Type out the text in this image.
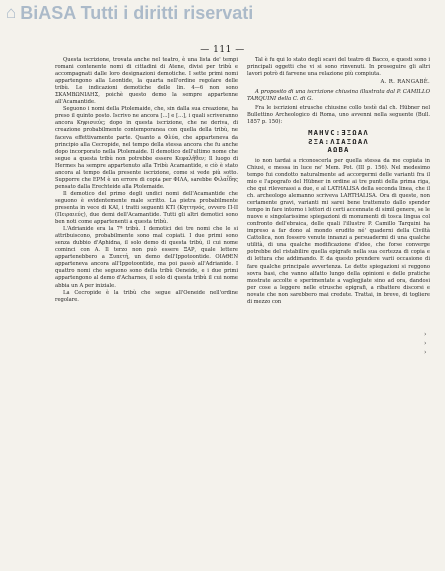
⌂ BiASA Tutti i diritti riservati
— 111 —

Questa iscrizione, trovata anche nel teatro, è una lista de' tempi romani contenente nomi di cittadini di Atene, divisi per tribù e accompagnati dalle loro designazioni demotiche. I sette primi nomi appartengono alla Leontide, la quarta nell'ordine regolare delle tribù. Le indicazioni demotiche delle lin. 4—6 non sono ΣΚΑΜΒΩΝΙΔΗΣ, poichè questo demo la sempre appartenne all'Acamantide.

Seguono i nomi della Ptolemaide, che, sin dalla sua creazione, ha preso il quinto posto. Iscrivo ne ancora [...] e [...], i quali scriveranno ancora Κηφισιεύς; dopo in questa iscrizione, che ne deriva, di creazione probabilmente contemporanea con quella della tribù, ne faceva effettivamente parte. Quanto a Φλύα, che apparteneva da principio alla Cecropide, nel tempo della stessa ancora che fu anche dopo incorporato nella Ptolemaide. Il demotico dell'ultimo nome che segue a questa tribù non potrebbe essere Κεφαλῆθεν; Il luogo di Hermes ha sempre appartenuto alla Tribù Acamantide, e ciò è stato ancora al tempo della presente iscrizione, come si vede più sotto. Supporre che ΕΡΜ è un errore di copia per ΦΙΛΑ, sarebbe Φιλαΐδης pensato dalla Erechteide alla Ptolemaide.

Il demotico del primo degli undici nomi dell'Acamantide che seguono è evidentemente male scritto. La pietra probabilmente presenta in vece di ΚΑΙ, i tratti seguenti ΚΤΙ (Κηττηνός, ovvero Π·ΙΙ (Πειραιεύς), due demi dell'Acamantide. Tutti gli altri demotici sono ben noti come appartenenti a questa tribù.

L'Adrianide era la 7ª tribù. I demotici dei tre nomi che le si attribuiscono, probabilmente sono mal copiati. I due primi sono senza dubbio d'Aphidna, il solo demo di questa tribù, il cui nome cominci con A. Il terzo non può essere ΞΑΡ, quale lettere appartenebbero a Ξυπετή, un demo dell'Ippotoontide. ΟΙΑΘΕΝ apparteneva ancora all'Ippotoontide, ma poi passò all'Adrianide. I quattro nomi che seguono sono della tribù Oeneide, e i due primi appartengono al demo d'Acharnes, il solo di questa tribù il cui nome abbia un A per iniziale.

La Cecropide è la tribù che segue all'Oeneide nell'ordine regolare.

Tal è fu qui lo stato degli scavi del teatro di Bacco, e questi sono i principali oggetti che vi si sono rinvenuti. In proseguire gli altri lavori potrò di farvene una relazione più compiuta.

A. R. RANGABÈ.
A proposito di una iscrizione chiusina illustrata dal P. CAMILLO TARQUINI della C. di G.

Fra le iscrizioni etrusche chiusine collo testè dal ch. Hübner nel Bullettino Archeologico di Roma, uno avvenni nella seguente (Bull. 1857 p. 150):

MAHVϹ:ƎΞΩΑΛ
ƧΞΑ:ΛΙΑΞΩΑΛ
ΑΩΒΑ

io non tardai a riconoscerla per quella stessa da me copiata in Chiusi, e messa in luce ne' Mem. Pot. (III p. 156). Nel medesimo tempo fui condotto naturalmente ad accorgermi delle varianti fra il mio e l'apografo del Hübner in ordine ai tre punti della prima riga, che qui rileverassi a due, e al LATHALISA della seconda linea, che il ch. archeologo alemanno scriveva LARTHALISA. Ora di queste, non certamente gravi, varianti mi sarei bene trattenuto dallo spender tempo in fare intorno i lettori di certi accennate di simil genere, se le nuove e singolarissime spiegazioni di monumenti di tosca lingua col confronto dell'ebraica, delle quali l'illustre P. Camillo Tarquini ha impreso a far dono al mondo erudito né' quaderni della Civiltà Cattolica, non fossero venute innanzi a persuadermi di una qualche utilità, di una qualche modificazione d'idee, che forse converge potrebbe del ristabilire quella epigrafe nella sua certezza di copia e di lettura che addimando. E da questo prendere varii occasione di fare qualche principale avvertenza. Le dette spiegazioni si reggono sovra basi, che vanno alfatto lungo della opinioni e delle pratiche mostrate accolte e sperimentate a vaglegjiate sino ad ora, dandosi per cose a leggere nelle etrusche epigrafi, a ribattere discorsi e novate che non sarebbero mai credute. Trattai, in breve, di togliere di mezzo con

›
›
›
